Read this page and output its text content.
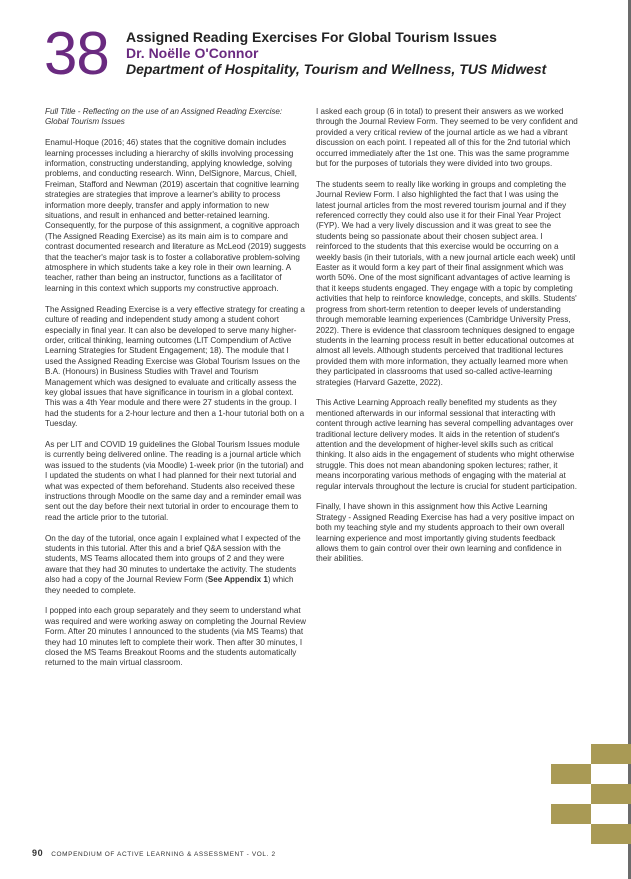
38 Assigned Reading Exercises For Global Tourism Issues
Dr. Noëlle O'Connor
Department of Hospitality, Tourism and Wellness, TUS Midwest

Full Title - Reflecting on the use of an Assigned Reading Exercise: Global Tourism Issues

Enamul-Hoque (2016; 46) states that the cognitive domain includes learning processes including a hierarchy of skills involving processing information, constructing understanding, applying knowledge, solving problems, and conducting research. Winn, DelSignore, Marcus, Chiell, Freiman, Stafford and Newman (2019) ascertain that cognitive learning strategies are strategies that improve a learner's ability to process information more deeply, transfer and apply information to new situations, and result in enhanced and better-retained learning. Consequently, for the purpose of this assignment, a cognitive approach (The Assigned Reading Exercise) as its main aim is to compare and contrast documented research and literature as McLeod (2019) suggests that the teacher's major task is to foster a collaborative problem-solving atmosphere in which students take a key role in their own learning. A teacher, rather than being an instructor, functions as a facilitator of learning in this context which supports my constructive approach.

The Assigned Reading Exercise is a very effective strategy for creating a culture of reading and independent study among a student cohort especially in final year. It can also be developed to serve many higher-order, critical thinking, learning outcomes (LIT Compendium of Active Learning Strategies for Student Engagement; 18). The module that I used the Assigned Reading Exercise was Global Tourism Issues on the B.A. (Honours) in Business Studies with Travel and Tourism Management which was designed to evaluate and critically assess the key global issues that have significance in tourism in a global context. This was a 4th Year module and there were 27 students in the group. I had the students for a 2-hour lecture and then a 1-hour tutorial both on a Tuesday.

As per LIT and COVID 19 guidelines the Global Tourism Issues module is currently being delivered online. The reading is a journal article which was issued to the students (via Moodle) 1-week prior (in the tutorial) and I updated the students on what I had planned for their next tutorial and what was expected of them beforehand. Students also received these instructions through Moodle on the same day and a reminder email was sent out the day before their next tutorial in order to encourage them to read the article prior to the tutorial.

On the day of the tutorial, once again I explained what I expected of the students in this tutorial. After this and a brief Q&A session with the students, MS Teams allocated them into groups of 2 and they were aware that they had 30 minutes to undertake the activity. The students also had a copy of the Journal Review Form (See Appendix 1) which they needed to complete.

I popped into each group separately and they seem to understand what was required and were working asway on completing the Journal Review Form. After 20 minutes I announced to the students (via MS Teams) that they had 10 minutes left to complete their work. Then after 30 minutes, I closed the MS Teams Breakout Rooms and the students automatically returned to the main virtual classroom.

I asked each group (6 in total) to present their answers as we worked through the Journal Review Form. They seemed to be very confident and provided a very critical review of the journal article as we had a vibrant discussion on each point. I repeated all of this for the 2nd tutorial which occurred immediately after the 1st one. This was the same programme but for the purposes of tutorials they were divided into two groups.

The students seem to really like working in groups and completing the Journal Review Form. I also highlighted the fact that I was using the latest journal articles from the most revered tourism journal and if they referenced correctly they could also use it for their Final Year Project (FYP). We had a very lively discussion and it was great to see the students being so passionate about their chosen subject area. I reinforced to the students that this exercise would be occurring on a weekly basis (in their tutorials, with a new journal article each week) until Easter as it would form a key part of their final assignment which was worth 50%. One of the most significant advantages of active learning is that it keeps students engaged. They engage with a topic by completing activities that help to reinforce knowledge, concepts, and skills. Students' progress from short-term retention to deeper levels of understanding through memorable learning experiences (Cambridge University Press, 2022). There is evidence that classroom techniques designed to engage students in the learning process result in better educational outcomes at almost all levels. Although students perceived that traditional lectures provided them with more information, they actually learned more when they participated in classrooms that used so-called active-learning strategies (Harvard Gazette, 2022).

This Active Learning Approach really benefited my students as they mentioned afterwards in our informal sessional that interacting with content through active learning has several compelling advantages over traditional lecture delivery modes. It aids in the retention of student's attention and the development of higher-level skills such as critical thinking. It also aids in the engagement of students who might otherwise struggle. This does not mean abandoning spoken lectures; rather, it means incorporating various methods of engaging with the material at regular intervals throughout the lecture is crucial for student participation.

Finally, I have shown in this assignment how this Active Learning Strategy - Assigned Reading Exercise has had a very positive impact on both my teaching style and my students approach to their own overall learning experience and most importantly giving students feedback allows them to gain control over their own learning and confidence in their abilities.

90 COMPENDIUM OF ACTIVE LEARNING & ASSESSMENT - VOL. 2
